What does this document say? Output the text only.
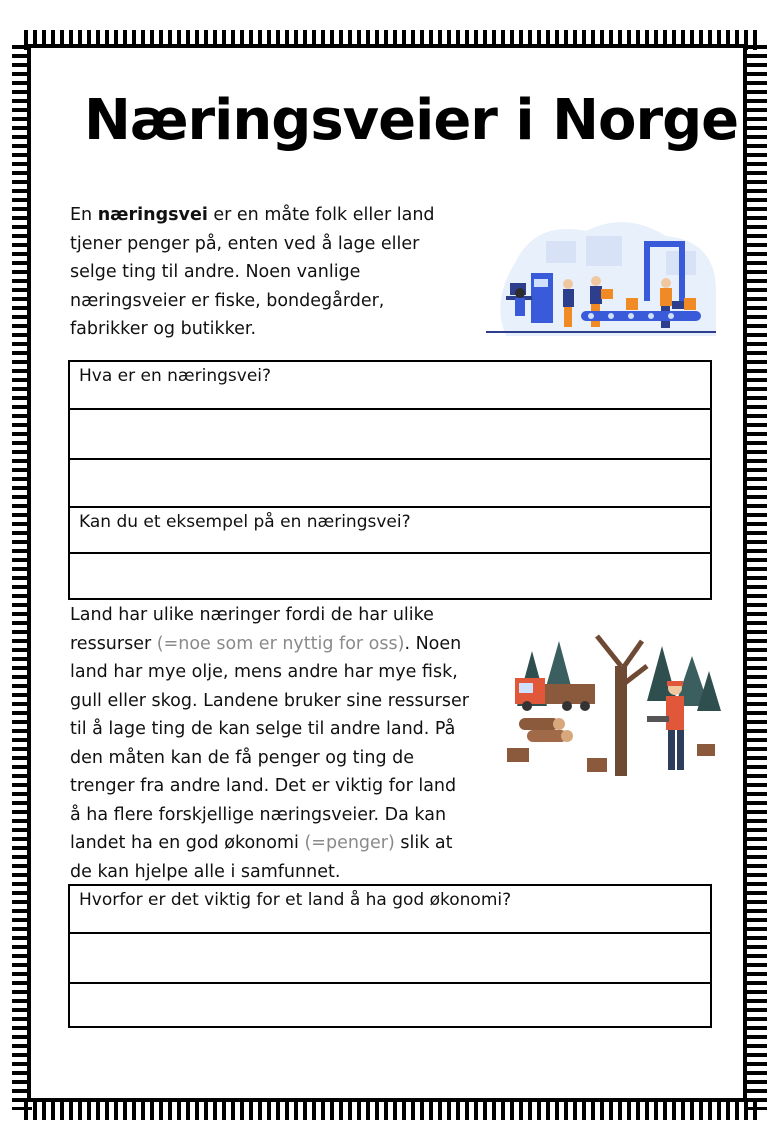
Næringsveier i Norge
En næringsvei er en måte folk eller land tjener penger på, enten ved å lage eller selge ting til andre. Noen vanlige næringsveier er fiske, bondegårder, fabrikker og butikker.
Hva er en næringsvei?

Kan du et eksempel på en næringsvei?

Land har ulike næringer fordi de har ulike ressurser (=noe som er nyttig for oss). Noen land har mye olje, mens andre har mye fisk, gull eller skog. Landene bruker sine ressurser til å lage ting de kan selge til andre land. På den måten kan de få penger og ting de trenger fra andre land. Det er viktig for land å ha flere forskjellige næringsveier. Da kan landet ha en god økonomi (=penger) slik at de kan hjelpe alle i samfunnet.
Hvorfor er det viktig for et land å ha god økonomi?
